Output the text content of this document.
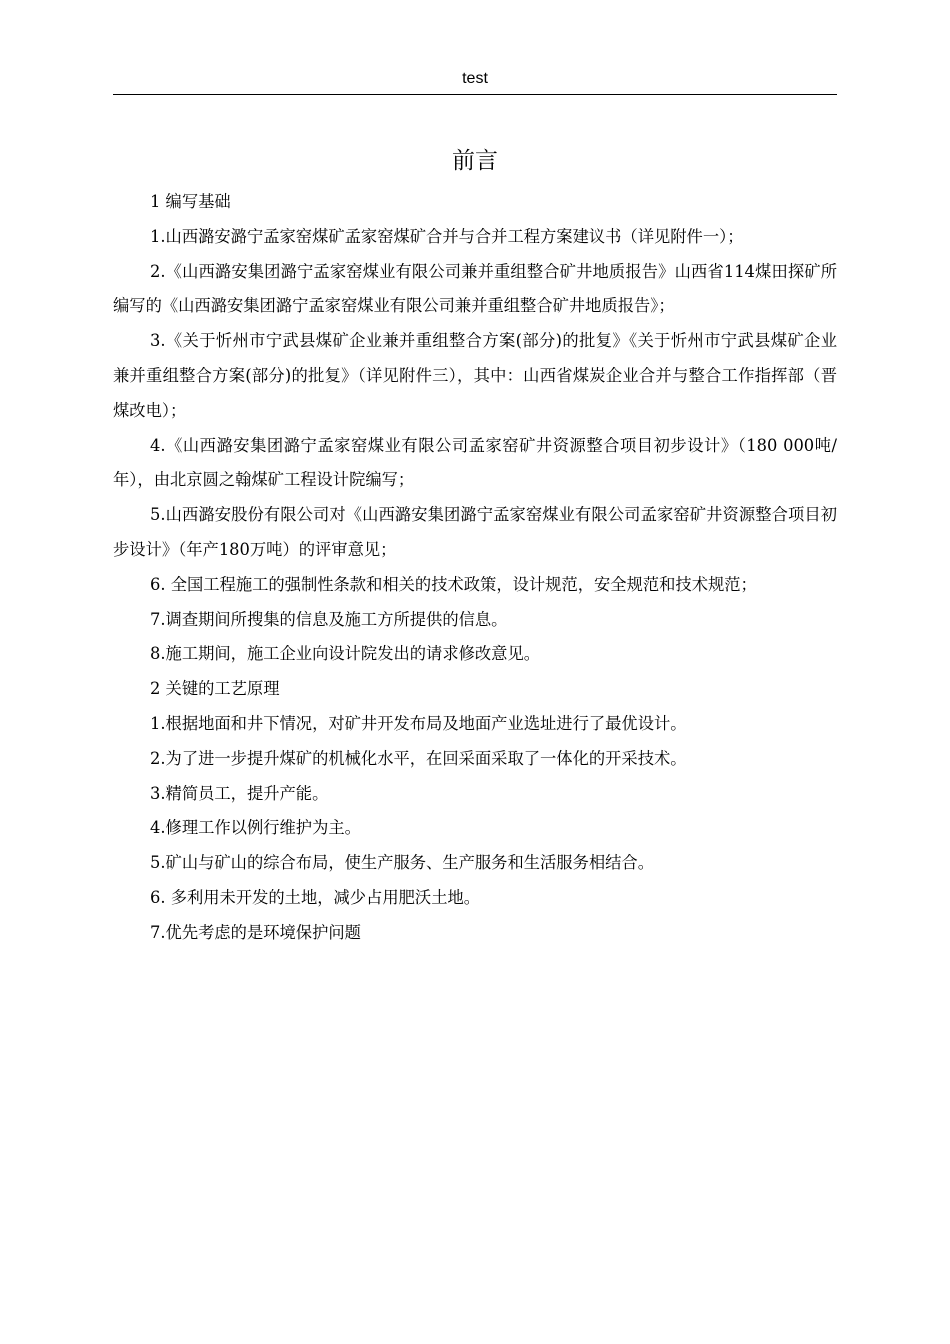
test
前言

1 编写基础

1.山西潞安潞宁孟家窑煤矿孟家窑煤矿合并与合并工程方案建议书（详见附件一）；

2.《山西潞安集团潞宁孟家窑煤业有限公司兼并重组整合矿井地质报告》山西省114煤田探矿所编写的《山西潞安集团潞宁孟家窑煤业有限公司兼并重组整合矿井地质报告》；

3.《关于忻州市宁武县煤矿企业兼并重组整合方案(部分)的批复》《关于忻州市宁武县煤矿企业兼并重组整合方案(部分)的批复》（详见附件三），其中：山西省煤炭企业合并与整合工作指挥部（晋煤改电）；

4.《山西潞安集团潞宁孟家窑煤业有限公司孟家窑矿井资源整合项目初步设计》（180 000吨/年），由北京圆之翰煤矿工程设计院编写；

5.山西潞安股份有限公司对《山西潞安集团潞宁孟家窑煤业有限公司孟家窑矿井资源整合项目初步设计》（年产180万吨）的评审意见；

6. 全国工程施工的强制性条款和相关的技术政策，设计规范，安全规范和技术规范；

7.调查期间所搜集的信息及施工方所提供的信息。

8.施工期间，施工企业向设计院发出的请求修改意见。

2 关键的工艺原理

1.根据地面和井下情况，对矿井开发布局及地面产业选址进行了最优设计。

2.为了进一步提升煤矿的机械化水平，在回采面采取了一体化的开采技术。

3.精简员工，提升产能。

4.修理工作以例行维护为主。

5.矿山与矿山的综合布局，使生产服务、生产服务和生活服务相结合。

6. 多利用未开发的土地，减少占用肥沃土地。

7.优先考虑的是环境保护问题
